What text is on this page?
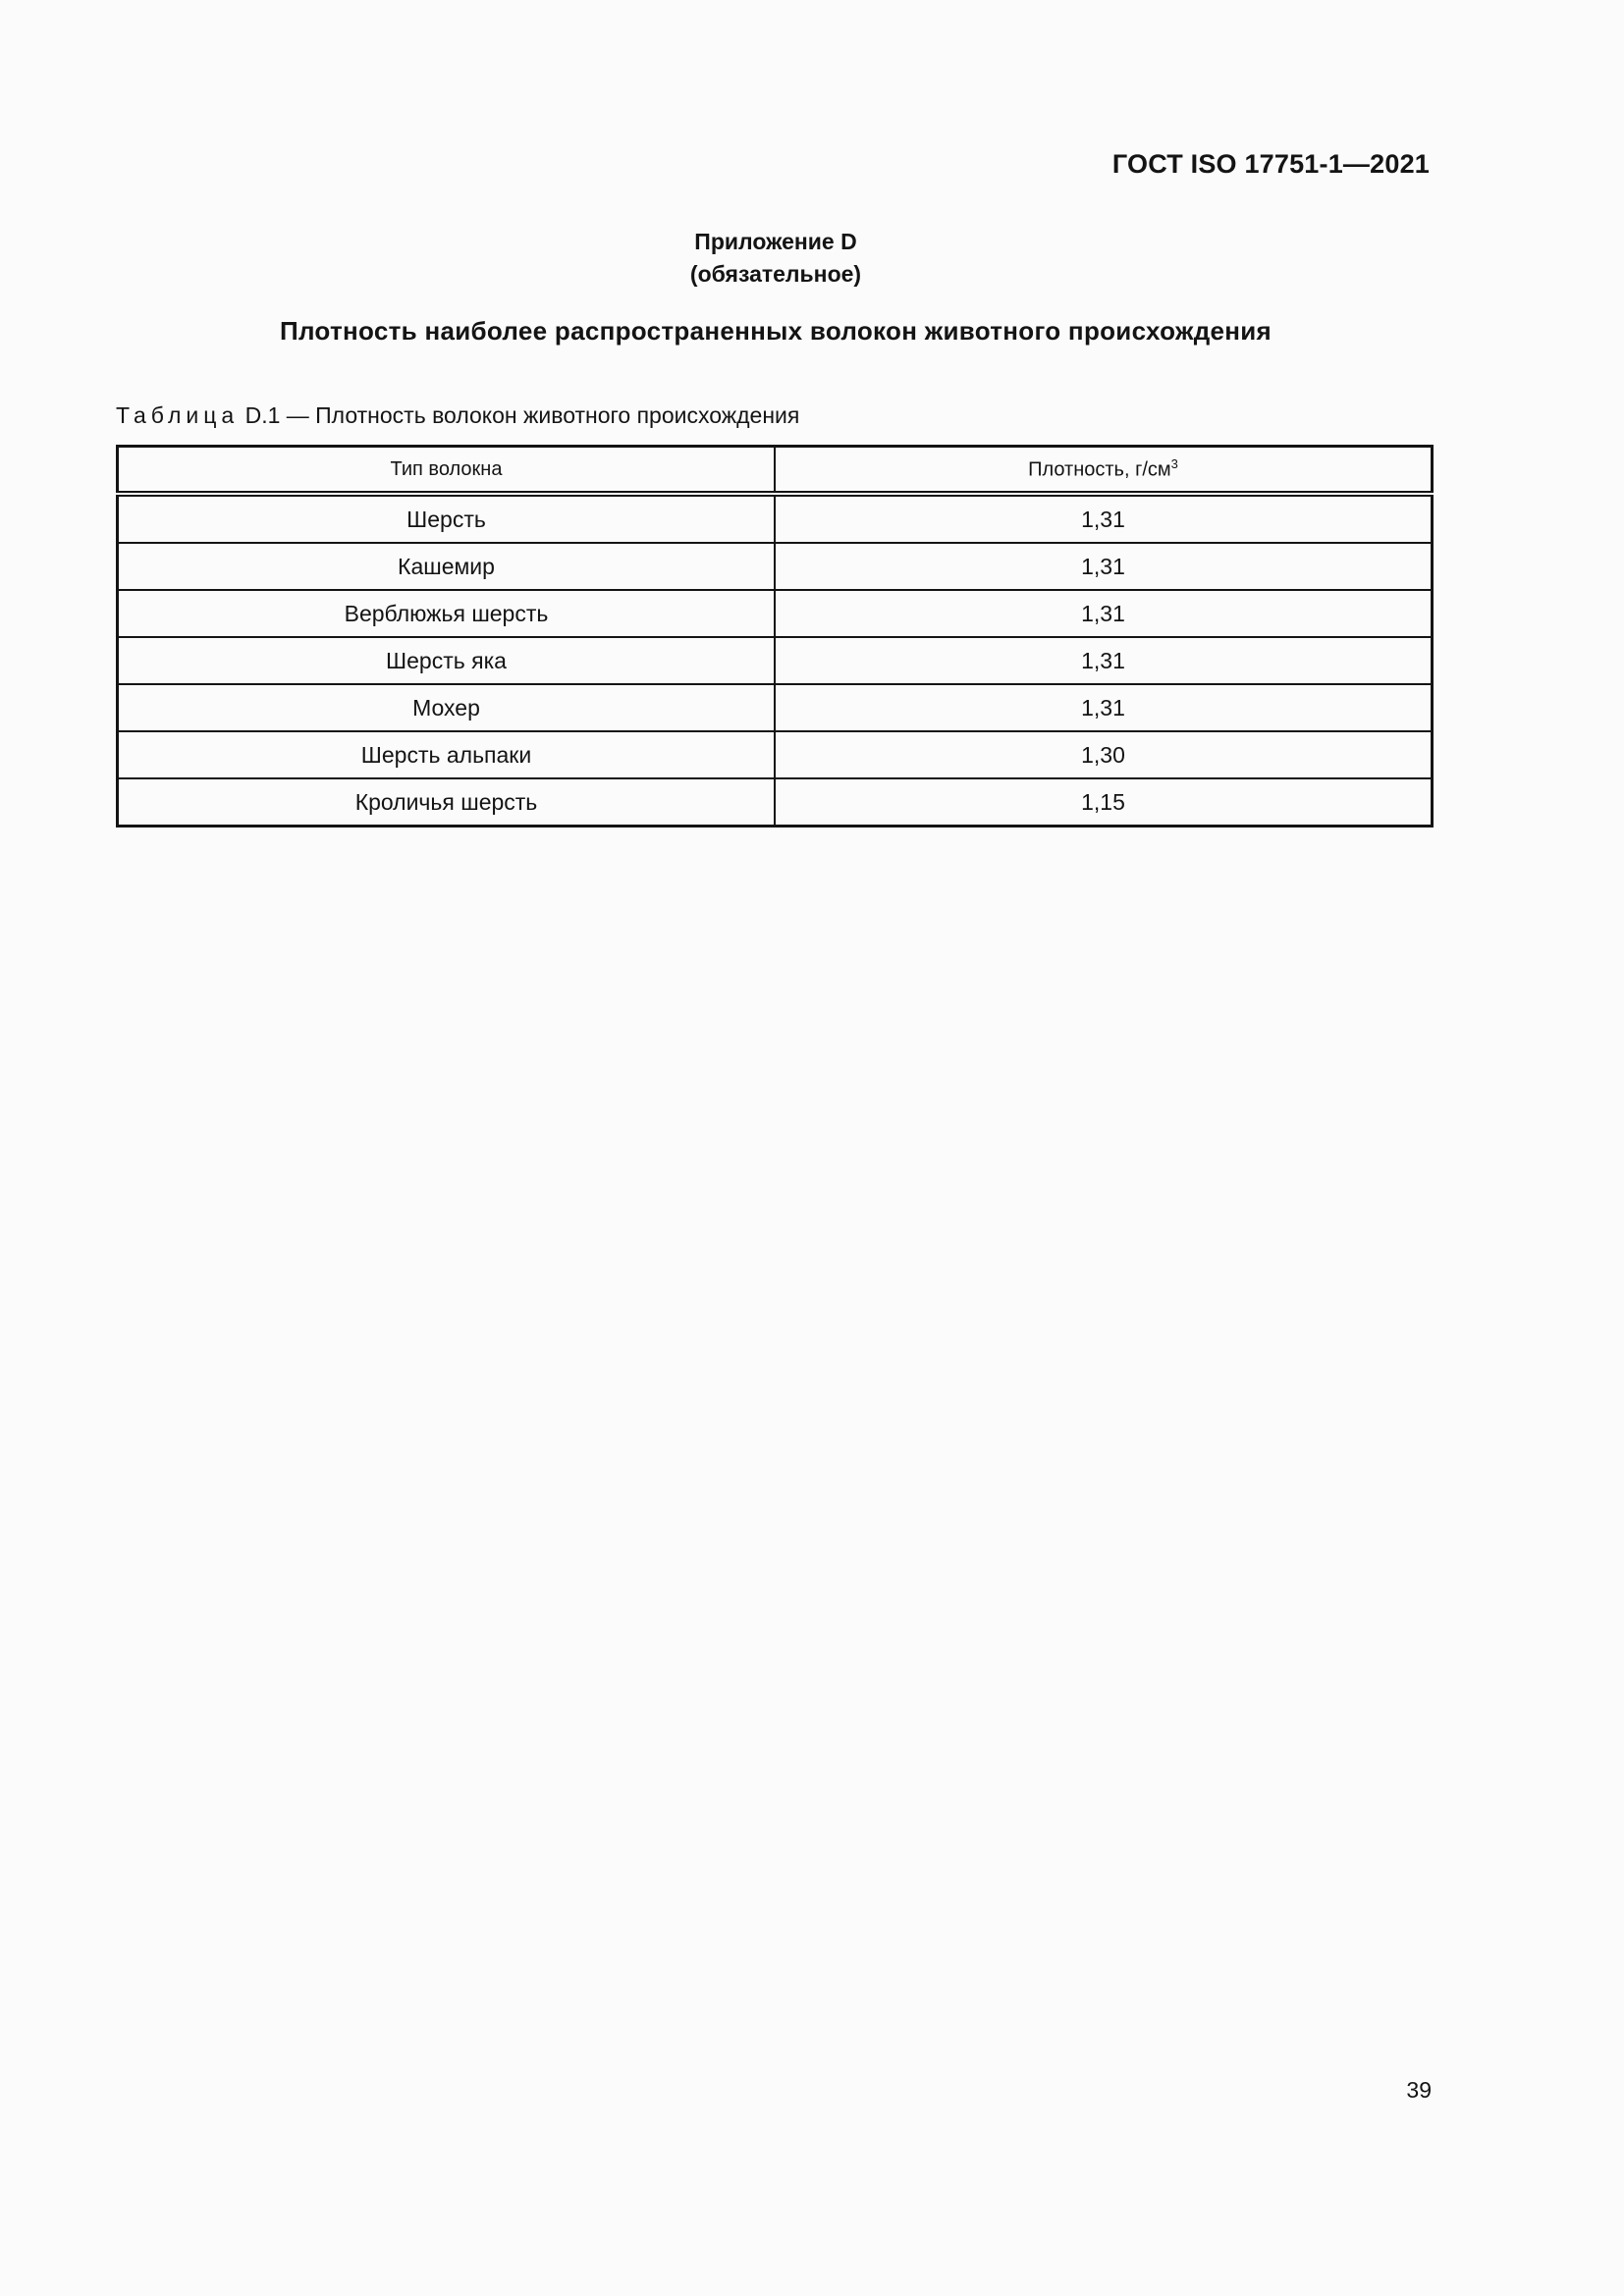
ГОСТ ISO 17751-1—2021
Приложение D
(обязательное)
Плотность наиболее распространенных волокон животного происхождения
Таблица D.1 — Плотность волокон животного происхождения
Тип волокна	Плотность, $г/см^3$
Шерсть	1,31
Кашемир	1,31
Верблюжья шерсть	1,31
Шерсть яка	1,31
Мохер	1,31
Шерсть альпаки	1,30
Кроличья шерсть	1,15
39
